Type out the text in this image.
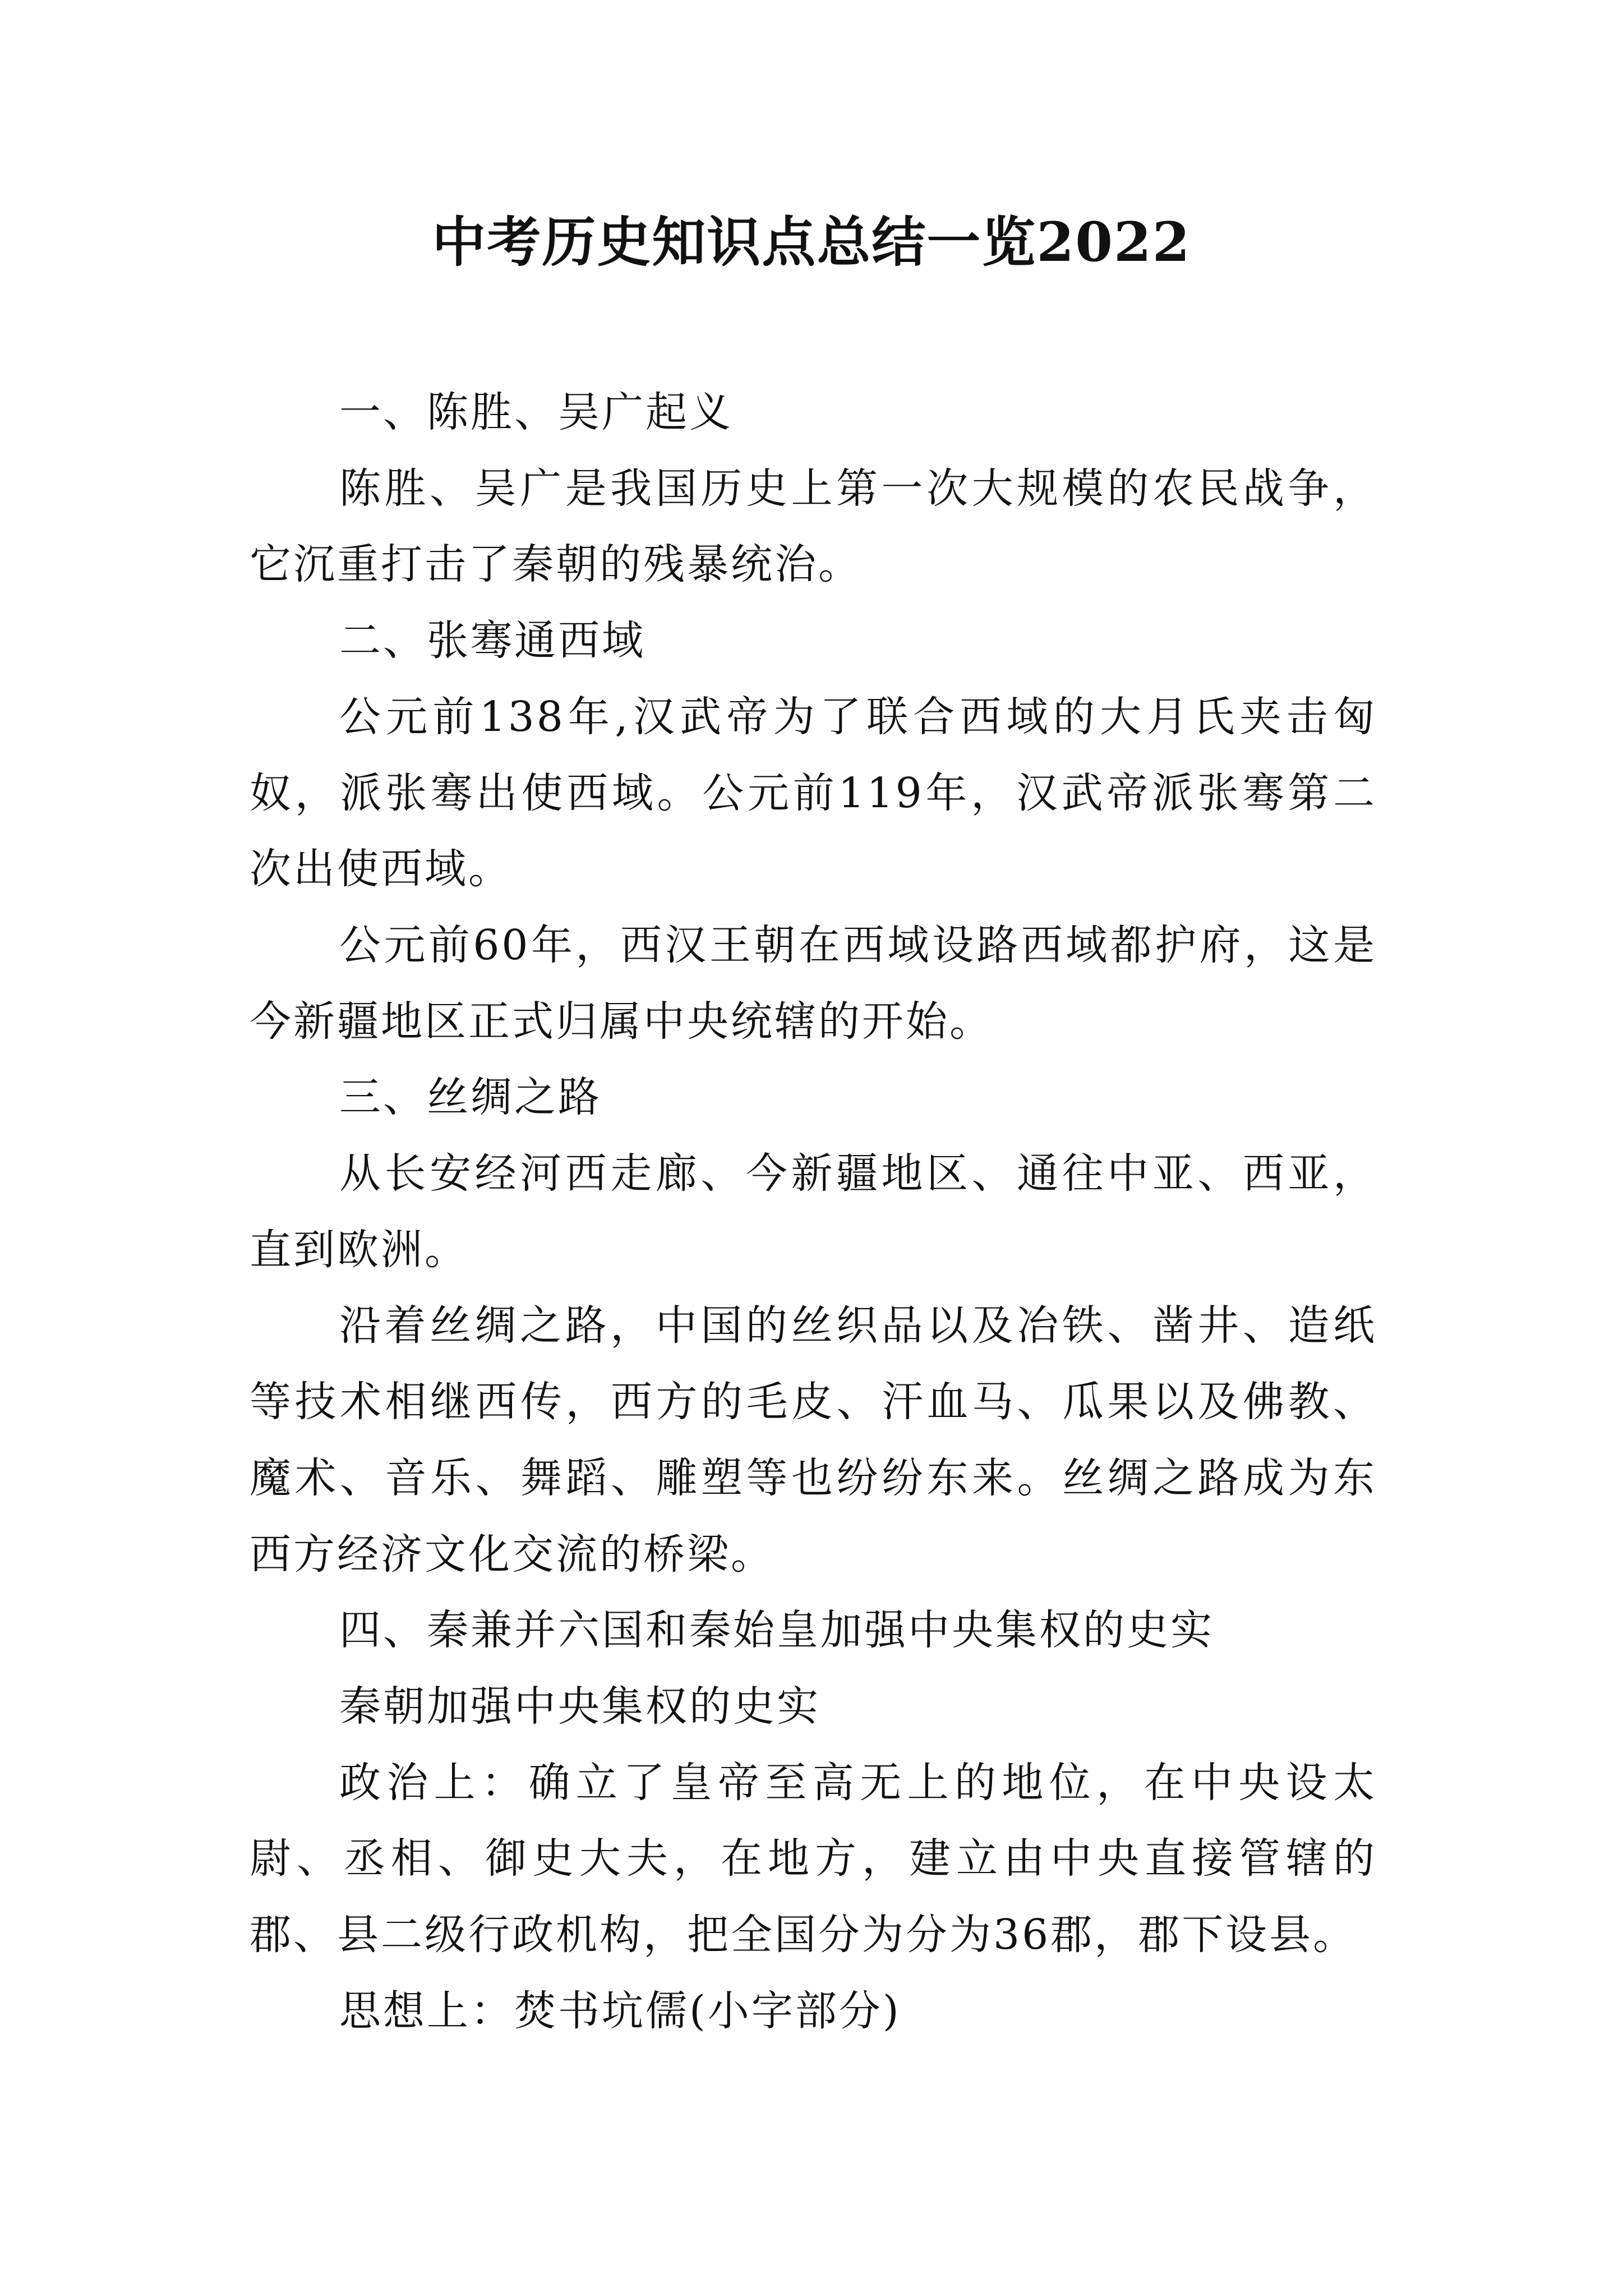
中考历史知识点总结一览2022

一、陈胜、吴广起义

陈胜、吴广是我国历史上第一次大规模的农民战争，它沉重打击了秦朝的残暴统治。

二、张骞通西域

公元前138年,汉武帝为了联合西域的大月氏夹击匈奴，派张骞出使西域。公元前119年，汉武帝派张骞第二次出使西域。

公元前60年，西汉王朝在西域设路西域都护府，这是今新疆地区正式归属中央统辖的开始。

三、丝绸之路

从长安经河西走廊、今新疆地区、通往中亚、西亚，直到欧洲。

沿着丝绸之路，中国的丝织品以及冶铁、凿井、造纸等技术相继西传，西方的毛皮、汗血马、瓜果以及佛教、魔术、音乐、舞蹈、雕塑等也纷纷东来。丝绸之路成为东西方经济文化交流的桥梁。

四、秦兼并六国和秦始皇加强中央集权的史实

秦朝加强中央集权的史实

政治上：确立了皇帝至高无上的地位，在中央设太尉、丞相、御史大夫，在地方，建立由中央直接管辖的郡、县二级行政机构，把全国分为分为36郡，郡下设县。

思想上：焚书坑儒(小字部分)
